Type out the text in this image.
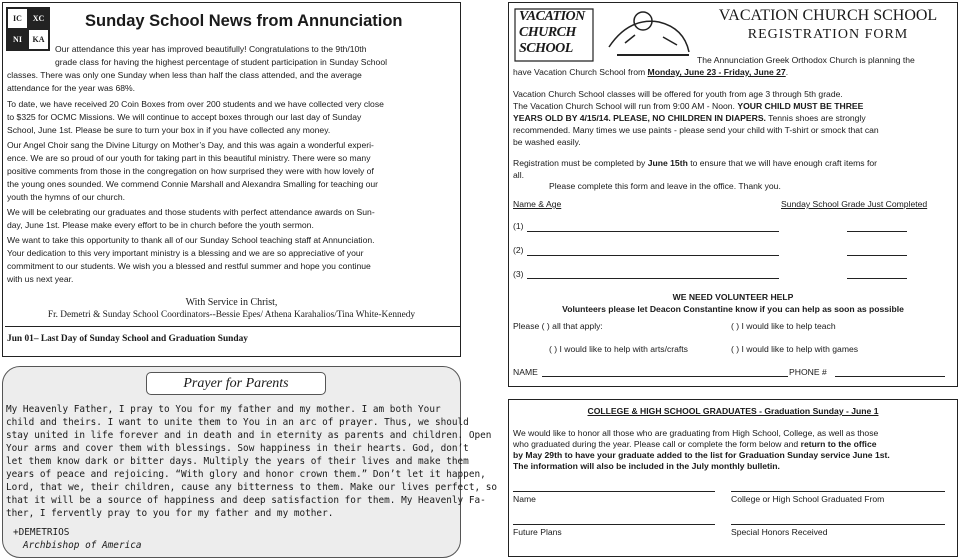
IC	XC
NI	KA
Sunday School News from Annunciation
Our attendance this year has improved beautifully! Congratulations to the 9th/10th
grade class for having the highest percentage of student participation in Sunday School
classes. There was only one Sunday when less than half the class attended, and the average
attendance for the year was 68%.
To date, we have received 20 Coin Boxes from over 200 students and we have collected very close
to $325 for OCMC Missions. We will continue to accept boxes through our last day of Sunday
School, June 1st. Please be sure to turn your box in if you have collected any money.
Our Angel Choir sang the Divine Liturgy on Mother’s Day, and this was again a wonderful experi-
ence. We are so proud of our youth for taking part in this beautiful ministry. There were so many
positive comments from those in the congregation on how surprised they were with how lovely of
the young ones sounded. We commend Connie Marshall and Alexandra Smalling for teaching our
youth the hymns of our church.
We will be celebrating our graduates and those students with perfect attendance awards on Sun-
day, June 1st. Please make every effort to be in church before the youth sermon.
We want to take this opportunity to thank all of our Sunday School teaching staff at Annunciation.
Your dedication to this very important ministry is a blessing and we are so appreciative of your
commitment to our students. We wish you a blessed and restful summer and hope you continue
with us next year.
With Service in Christ,
Fr. Demetri & Sunday School Coordinators--Bessie Epes/ Athena Karahalios/Tina White-Kennedy
Jun 01– Last Day of Sunday School and Graduation Sunday
Prayer for Parents
My Heavenly Father, I pray to You for my father and my mother. I am both Your
child and theirs. I want to unite them to You in an arc of prayer. Thus, we should
stay united in life forever and in death and in eternity as parents and children. Open
Your arms and cover them with blessings. Sow happiness in their hearts. God, don’t
let them know dark or bitter days. Multiply the years of their lives and make them
years of peace and rejoicing. “With glory and honor crown them.” Don’t let it happen,
Lord, that we, their children, cause any bitterness to them. Make our lives perfect, so
that it will be a source of happiness and deep satisfaction for them. My Heavenly Fa-
ther, I fervently pray to you for my father and my mother.
+DEMETRIOS
Archbishop of America
VACATION
CHURCH
SCHOOL
VACATION CHURCH SCHOOL
REGISTRATION FORM
The Annunciation Greek Orthodox Church is planning the
have Vacation Church School from Monday, June 23 - Friday, June 27.
Vacation Church School classes will be offered for youth from age 3 through 5th grade.
The Vacation Church School will run from 9:00 AM - Noon. YOUR CHILD MUST BE THREE
YEARS OLD BY 4/15/14. PLEASE, NO CHILDREN IN DIAPERS. Tennis shoes are strongly
recommended. Many times we use paints - please send your child with T-shirt or smock that can
be washed easily.
Registration must be completed by June 15th to ensure that we will have enough craft items for
all.
Please complete this form and leave in the office. Thank you.
Name & Age	Sunday School Grade Just Completed
(1)
(2)
(3)
WE NEED VOLUNTEER HELP
Volunteers please let Deacon Constantine know if you can help as soon as possible
Please ( ) all that apply:	( ) I would like to help teach
( ) I would like to help with arts/crafts	( ) I would like to help with games
NAME	PHONE #
COLLEGE & HIGH SCHOOL GRADUATES - Graduation Sunday - June 1
We would like to honor all those who are graduating from High School, College, as well as those
who graduated during the year. Please call or complete the form below and return to the office
by May 29th to have your graduate added to the list for Graduation Sunday service June 1st.
The information will also be included in the July monthly bulletin.
Name	College or High School Graduated From
Future Plans	Special Honors Received
